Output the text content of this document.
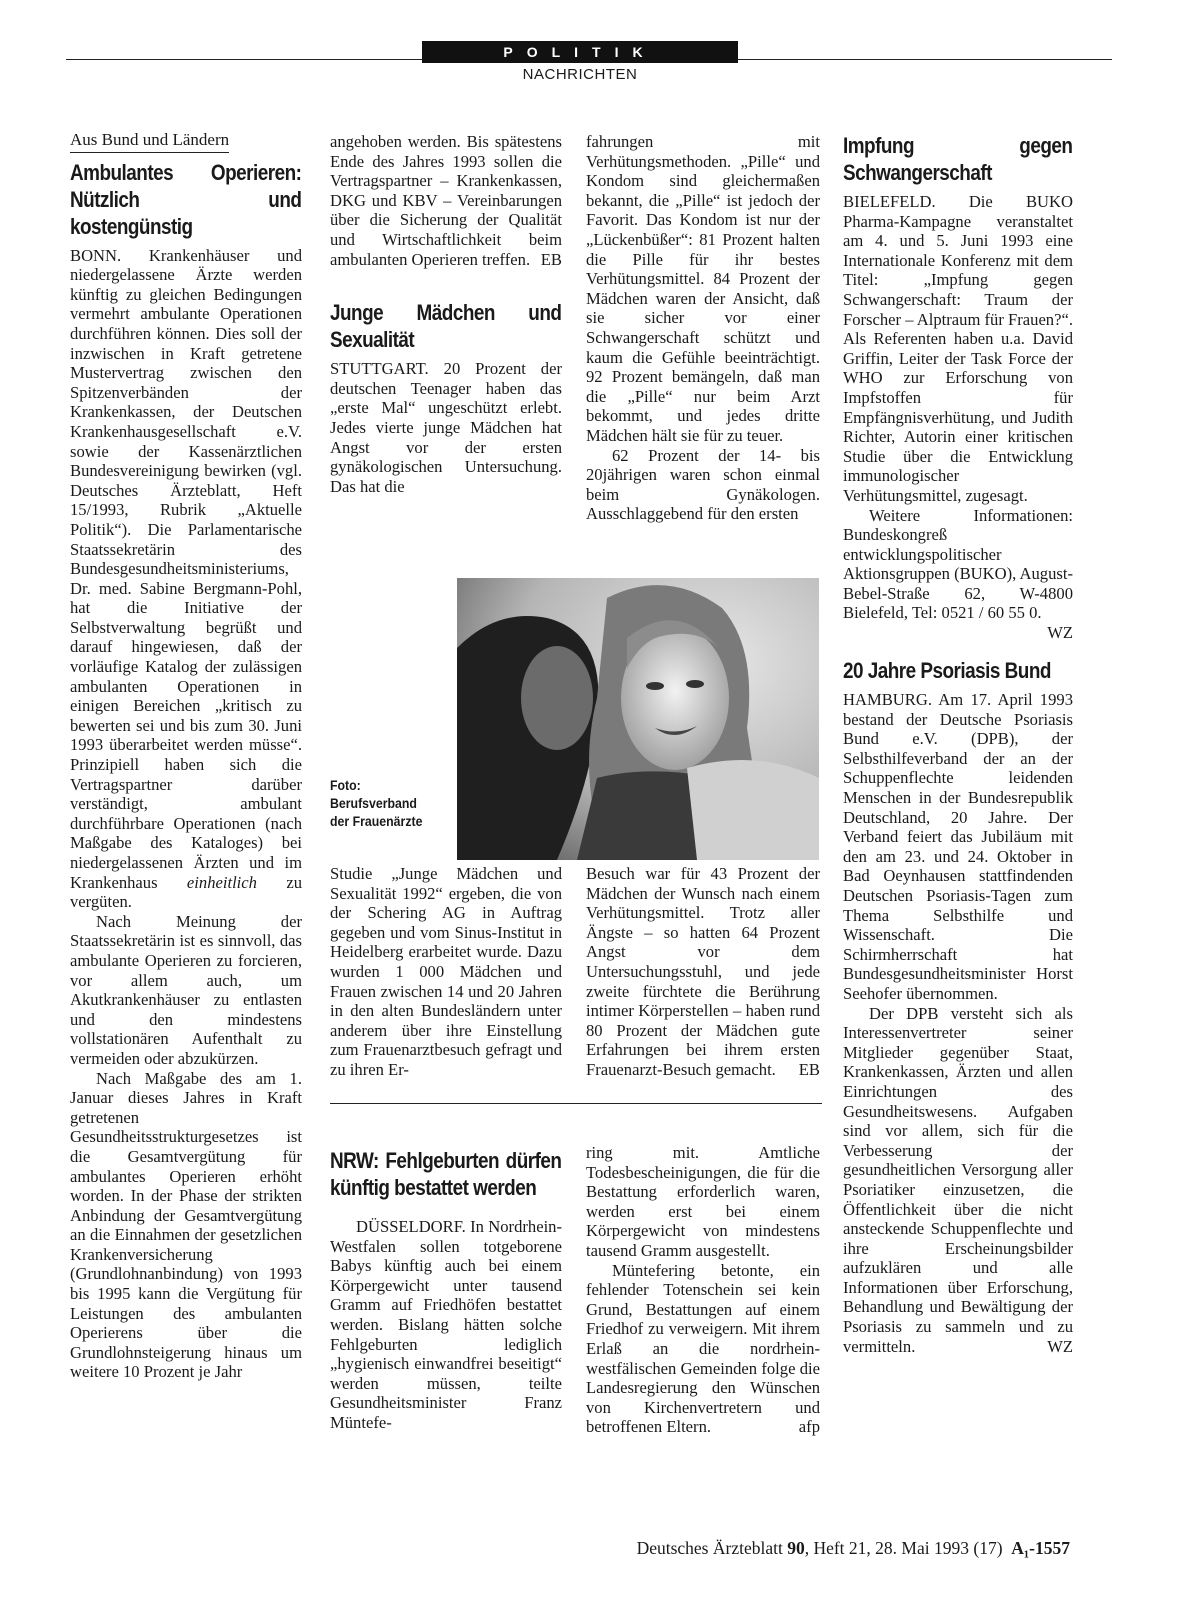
POLITIK
NACHRICHTEN
Aus Bund und Ländern
Ambulantes Operieren: Nützlich und kostengünstig

BONN. Krankenhäuser und niedergelassene Ärzte werden künftig zu gleichen Bedingungen vermehrt ambulante Operationen durchführen können. Dies soll der inzwischen in Kraft getretene Mustervertrag zwischen den Spitzenverbänden der Krankenkassen, der Deutschen Krankenhausgesellschaft e.V. sowie der Kassenärztlichen Bundesvereinigung bewirken (vgl. Deutsches Ärzteblatt, Heft 15/1993, Rubrik „Aktuelle Politik“). Die Parlamentarische Staatssekretärin des Bundesgesundheitsministeriums, Dr. med. Sabine Bergmann-Pohl, hat die Initiative der Selbstverwaltung begrüßt und darauf hingewiesen, daß der vorläufige Katalog der zulässigen ambulanten Operationen in einigen Bereichen „kritisch zu bewerten sei und bis zum 30. Juni 1993 überarbeitet werden müsse“. Prinzipiell haben sich die Vertragspartner darüber verständigt, ambulant durchführbare Operationen (nach Maßgabe des Kataloges) bei niedergelassenen Ärzten und im Krankenhaus einheitlich zu vergüten.

Nach Meinung der Staatssekretärin ist es sinnvoll, das ambulante Operieren zu forcieren, vor allem auch, um Akutkrankenhäuser zu entlasten und den mindestens vollstationären Aufenthalt zu vermeiden oder abzukürzen.

Nach Maßgabe des am 1. Januar dieses Jahres in Kraft getretenen Gesundheitsstrukturgesetzes ist die Gesamtvergütung für ambulantes Operieren erhöht worden. In der Phase der strikten Anbindung der Gesamtvergütung an die Einnahmen der gesetzlichen Krankenversicherung (Grundlohnanbindung) von 1993 bis 1995 kann die Vergütung für Leistungen des ambulanten Operierens über die Grundlohnsteigerung hinaus um weitere 10 Prozent je Jahr

angehoben werden. Bis spätestens Ende des Jahres 1993 sollen die Vertragspartner – Krankenkassen, DKG und KBV – Vereinbarungen über die Sicherung der Qualität und Wirtschaftlichkeit beim ambulanten Operieren treffen. EB

Junge Mädchen und Sexualität

STUTTGART. 20 Prozent der deutschen Teenager haben das „erste Mal“ ungeschützt erlebt. Jedes vierte junge Mädchen hat Angst vor der ersten gynäkologischen Untersuchung. Das hat die

fahrungen mit Verhütungsmethoden. „Pille“ und Kondom sind gleichermaßen bekannt, die „Pille“ ist jedoch der Favorit. Das Kondom ist nur der „Lückenbüßer“: 81 Prozent halten die Pille für ihr bestes Verhütungsmittel. 84 Prozent der Mädchen waren der Ansicht, daß sie sicher vor einer Schwangerschaft schützt und kaum die Gefühle beeinträchtigt. 92 Prozent bemängeln, daß man die „Pille“ nur beim Arzt bekommt, und jedes dritte Mädchen hält sie für zu teuer.

62 Prozent der 14- bis 20jährigen waren schon einmal beim Gynäkologen. Ausschlaggebend für den ersten

Foto:
Berufsverband
der Frauenärzte

Studie „Junge Mädchen und Sexualität 1992“ ergeben, die von der Schering AG in Auftrag gegeben und vom Sinus-Institut in Heidelberg erarbeitet wurde. Dazu wurden 1 000 Mädchen und Frauen zwischen 14 und 20 Jahren in den alten Bundesländern unter anderem über ihre Einstellung zum Frauenarztbesuch gefragt und zu ihren Er-

Besuch war für 43 Prozent der Mädchen der Wunsch nach einem Verhütungsmittel. Trotz aller Ängste – so hatten 64 Prozent Angst vor dem Untersuchungsstuhl, und jede zweite fürchtete die Berührung intimer Körperstellen – haben rund 80 Prozent der Mädchen gute Erfahrungen bei ihrem ersten Frauenarzt-Besuch gemacht. EB

NRW: Fehlgeburten dürfen künftig bestattet werden

DÜSSELDORF. In Nordrhein-Westfalen sollen totgeborene Babys künftig auch bei einem Körpergewicht unter tausend Gramm auf Friedhöfen bestattet werden. Bislang hätten solche Fehlgeburten lediglich „hygienisch einwandfrei beseitigt“ werden müssen, teilte Gesundheitsminister Franz Müntefe-

ring mit. Amtliche Todesbescheinigungen, die für die Bestattung erforderlich waren, werden erst bei einem Körpergewicht von mindestens tausend Gramm ausgestellt.

Müntefering betonte, ein fehlender Totenschein sei kein Grund, Bestattungen auf einem Friedhof zu verweigern. Mit ihrem Erlaß an die nordrhein-westfälischen Gemeinden folge die Landesregierung den Wünschen von Kirchenvertretern und betroffenen Eltern.	afp

Impfung gegen Schwangerschaft

BIELEFELD. Die BUKO Pharma-Kampagne veranstaltet am 4. und 5. Juni 1993 eine Internationale Konferenz mit dem Titel: „Impfung gegen Schwangerschaft: Traum der Forscher – Alptraum für Frauen?“. Als Referenten haben u.a. David Griffin, Leiter der Task Force der WHO zur Erforschung von Impfstoffen für Empfängnisverhütung, und Judith Richter, Autorin einer kritischen Studie über die Entwicklung immunologischer Verhütungsmittel, zugesagt.

Weitere Informationen: Bundeskongreß entwicklungspolitischer Aktionsgruppen (BUKO), August-Bebel-Straße 62, W-4800 Bielefeld, Tel: 0521 / 60 55 0.
WZ

20 Jahre Psoriasis Bund

HAMBURG. Am 17. April 1993 bestand der Deutsche Psoriasis Bund e.V. (DPB), der Selbsthilfeverband der an der Schuppenflechte leidenden Menschen in der Bundesrepublik Deutschland, 20 Jahre. Der Verband feiert das Jubiläum mit den am 23. und 24. Oktober in Bad Oeynhausen stattfindenden Deutschen Psoriasis-Tagen zum Thema Selbsthilfe und Wissenschaft. Die Schirmherrschaft hat Bundesgesundheitsminister Horst Seehofer übernommen.

Der DPB versteht sich als Interessenvertreter seiner Mitglieder gegenüber Staat, Krankenkassen, Ärzten und allen Einrichtungen des Gesundheitswesens. Aufgaben sind vor allem, sich für die Verbesserung der gesundheitlichen Versorgung aller Psoriatiker einzusetzen, die Öffentlichkeit über die nicht ansteckende Schuppenflechte und ihre Erscheinungsbilder aufzuklären und alle Informationen über Erforschung, Behandlung und Bewältigung der Psoriasis zu sammeln und zu vermitteln.	WZ

Deutsches Ärzteblatt 90, Heft 21, 28. Mai 1993 (17) A₁-1557
